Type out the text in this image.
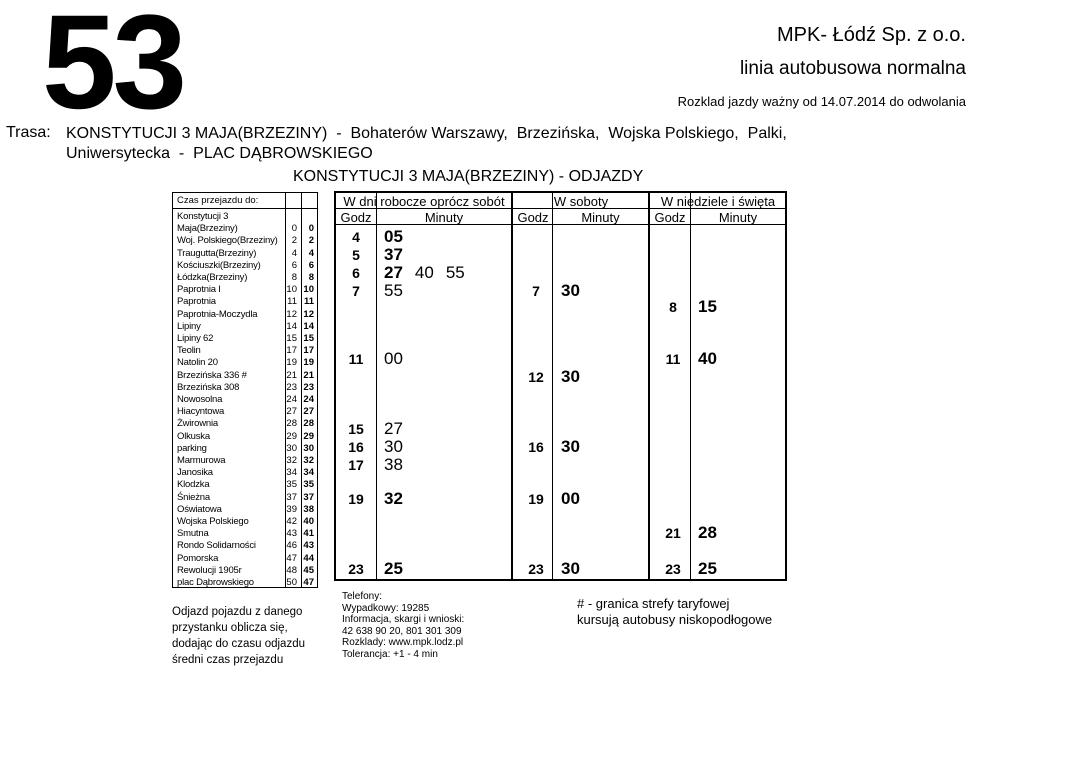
53	MPK- Łódź Sp. z o.o.
linia autobusowa normalna
Rozklad jazdy ważny od 14.07.2014 do odwolania
Trasa: KONSTYTUCJI 3 MAJA(BRZEZINY)  -  Bohaterów Warszawy,  Brzezińska,  Wojska Polskiego,  Palki,
Uniwersytecka  -  PLAC DĄBROWSKIEGO
KONSTYTUCJI 3 MAJA(BRZEZINY) - ODJAZDY
Czas przejazdu do:
Konstytucji 3
Maja(Brzeziny)	0	0
Woj. Polskiego(Brzeziny)	2	2
Traugutta(Brzeziny)	4	4
Kościuszki(Brzeziny)	6	6
Łódzka(Brzeziny)	8	8
Paprotnia I	10 10
Paprotnia	11 11
Paprotnia-Moczydla	12 12
Lipiny	14 14
Lipiny 62	15 15
Teolin	17 17
Natolin 20	19 19
Brzezińska 336 #	21 21
Brzezińska 308	23 23
Nowosolna	24 24
Hiacyntowa	27 27
Żwirownia	28 28
Olkuska	29 29
parking	30 30
Marmurowa	32 32
Janosika	34 34
Klodzka	35 35
Śnieżna	37 37
Oświatowa	39 38
Wojska Polskiego	42 40
Smutna	43 41
Rondo Solidarności	46 43
Pomorska	47 44
Rewolucji 1905r	48 45
plac Dąbrowskiego	50 47
W dni robocze oprócz sobót	W soboty	W niedziele i święta
Godz	Minuty	Godz	Minuty	Godz	Minuty
4	05
5	37
6	27 40 55
7	55
11	00
15	27
16	30
17	38
19	32
23	25
7	30
12	30
16	30
19	00
23	30
8	15
11	40
21	28
23	25
Odjazd pojazdu z danego przystanku oblicza się, dodając do czasu odjazdu średni czas przejazdu
Telefony:
Wypadkowy: 19285
Informacja, skargi i wnioski:
42 638 90 20, 801 301 309
Rozklady: www.mpk.lodz.pl
Tolerancja: +1 - 4 min
# - granica strefy taryfowej
kursują autobusy niskopodłogowe
